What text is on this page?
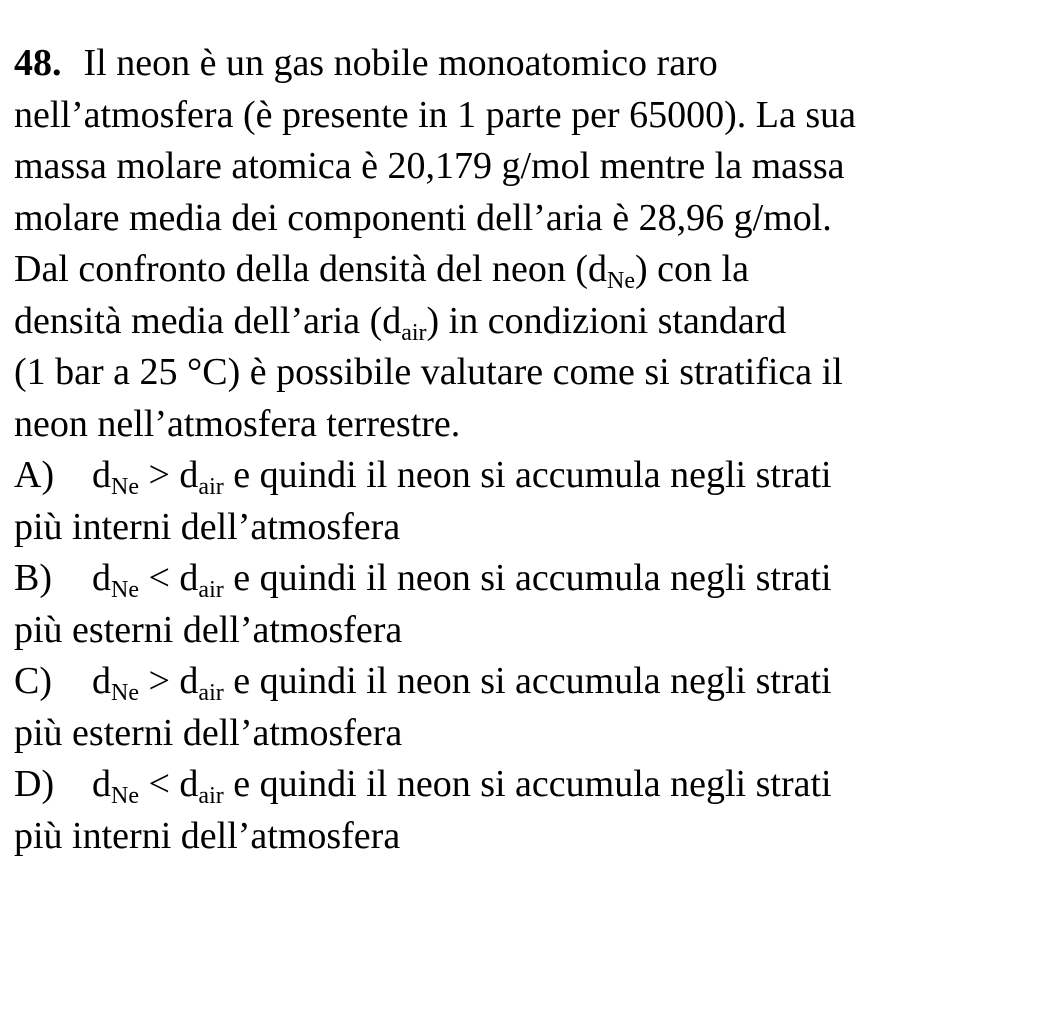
48. Il neon è un gas nobile monoatomico raro
nell’atmosfera (è presente in 1 parte per 65000). La sua
massa molare atomica è 20,179 g/mol mentre la massa
molare media dei componenti dell’aria è 28,96 g/mol.
Dal confronto della densità del neon $(d_{Ne})$ con la
densità media dell’aria $(d_{air})$ in condizioni standard
(1 bar a 25 °C) è possibile valutare come si stratifica il
neon nell’atmosfera terrestre.
A) $d_{Ne} > d_{air}$ e quindi il neon si accumula negli strati
più interni dell’atmosfera
B) $d_{Ne} < d_{air}$ e quindi il neon si accumula negli strati
più esterni dell’atmosfera
C) $d_{Ne} > d_{air}$ e quindi il neon si accumula negli strati
più esterni dell’atmosfera
D) $d_{Ne} < d_{air}$ e quindi il neon si accumula negli strati
più interni dell’atmosfera
